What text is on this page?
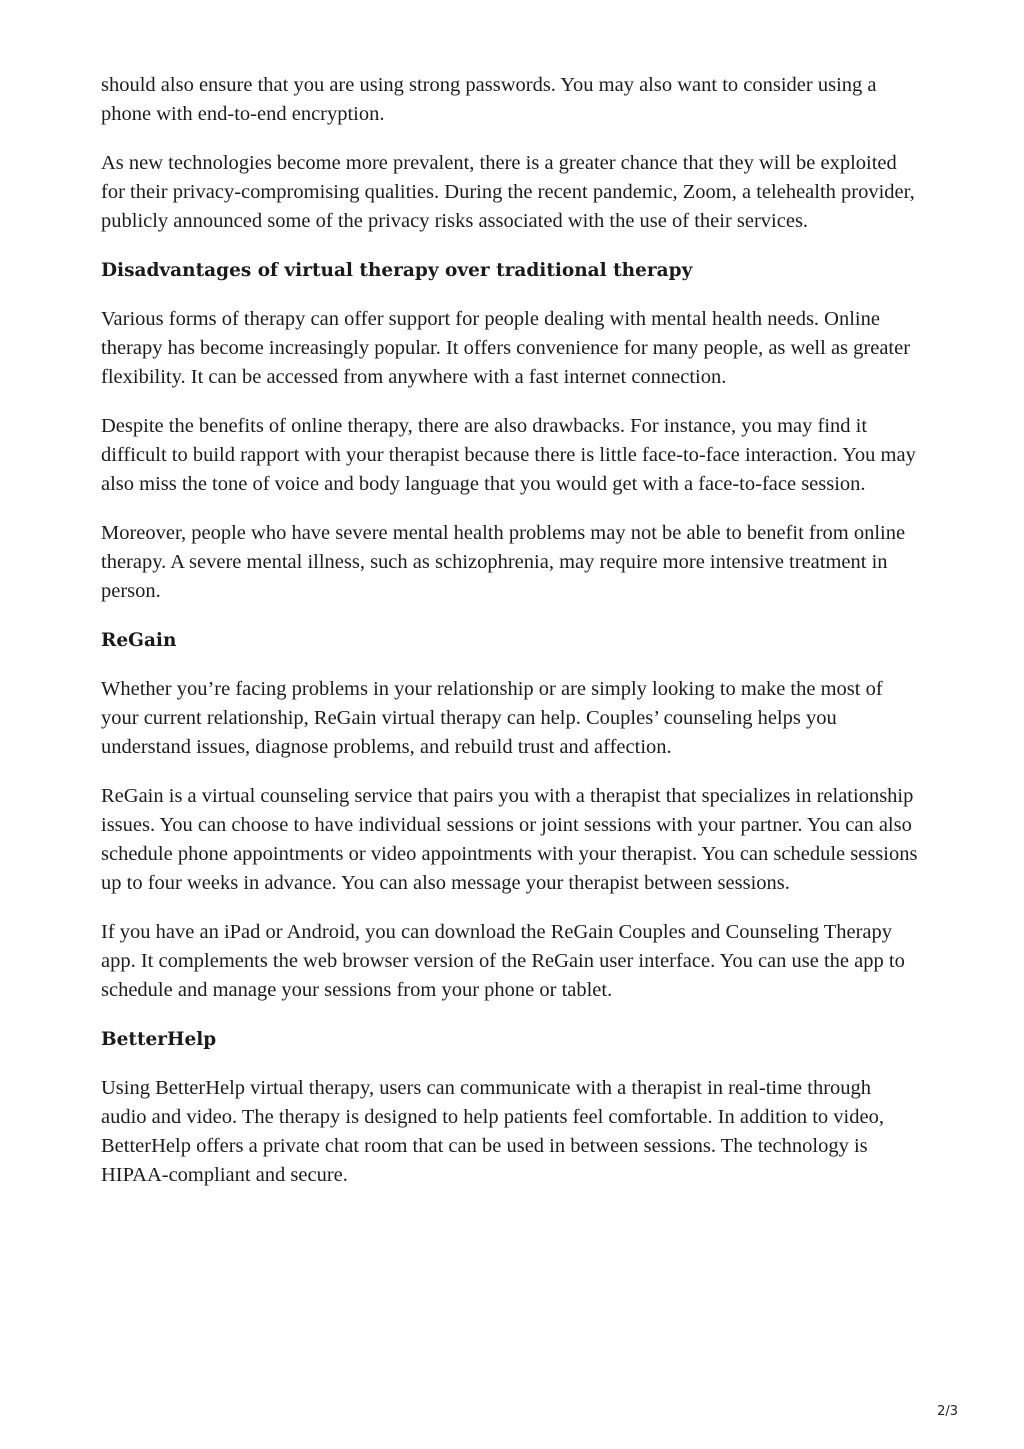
should also ensure that you are using strong passwords. You may also want to consider using a phone with end-to-end encryption.

As new technologies become more prevalent, there is a greater chance that they will be exploited for their privacy-compromising qualities. During the recent pandemic, Zoom, a telehealth provider, publicly announced some of the privacy risks associated with the use of their services.

Disadvantages of virtual therapy over traditional therapy

Various forms of therapy can offer support for people dealing with mental health needs. Online therapy has become increasingly popular. It offers convenience for many people, as well as greater flexibility. It can be accessed from anywhere with a fast internet connection.

Despite the benefits of online therapy, there are also drawbacks. For instance, you may find it difficult to build rapport with your therapist because there is little face-to-face interaction. You may also miss the tone of voice and body language that you would get with a face-to-face session.

Moreover, people who have severe mental health problems may not be able to benefit from online therapy. A severe mental illness, such as schizophrenia, may require more intensive treatment in person.

ReGain

Whether you’re facing problems in your relationship or are simply looking to make the most of your current relationship, ReGain virtual therapy can help. Couples’ counseling helps you understand issues, diagnose problems, and rebuild trust and affection.

ReGain is a virtual counseling service that pairs you with a therapist that specializes in relationship issues. You can choose to have individual sessions or joint sessions with your partner. You can also schedule phone appointments or video appointments with your therapist. You can schedule sessions up to four weeks in advance. You can also message your therapist between sessions.

If you have an iPad or Android, you can download the ReGain Couples and Counseling Therapy app. It complements the web browser version of the ReGain user interface. You can use the app to schedule and manage your sessions from your phone or tablet.

BetterHelp

Using BetterHelp virtual therapy, users can communicate with a therapist in real-time through audio and video. The therapy is designed to help patients feel comfortable. In addition to video, BetterHelp offers a private chat room that can be used in between sessions. The technology is HIPAA-compliant and secure.

2/3
